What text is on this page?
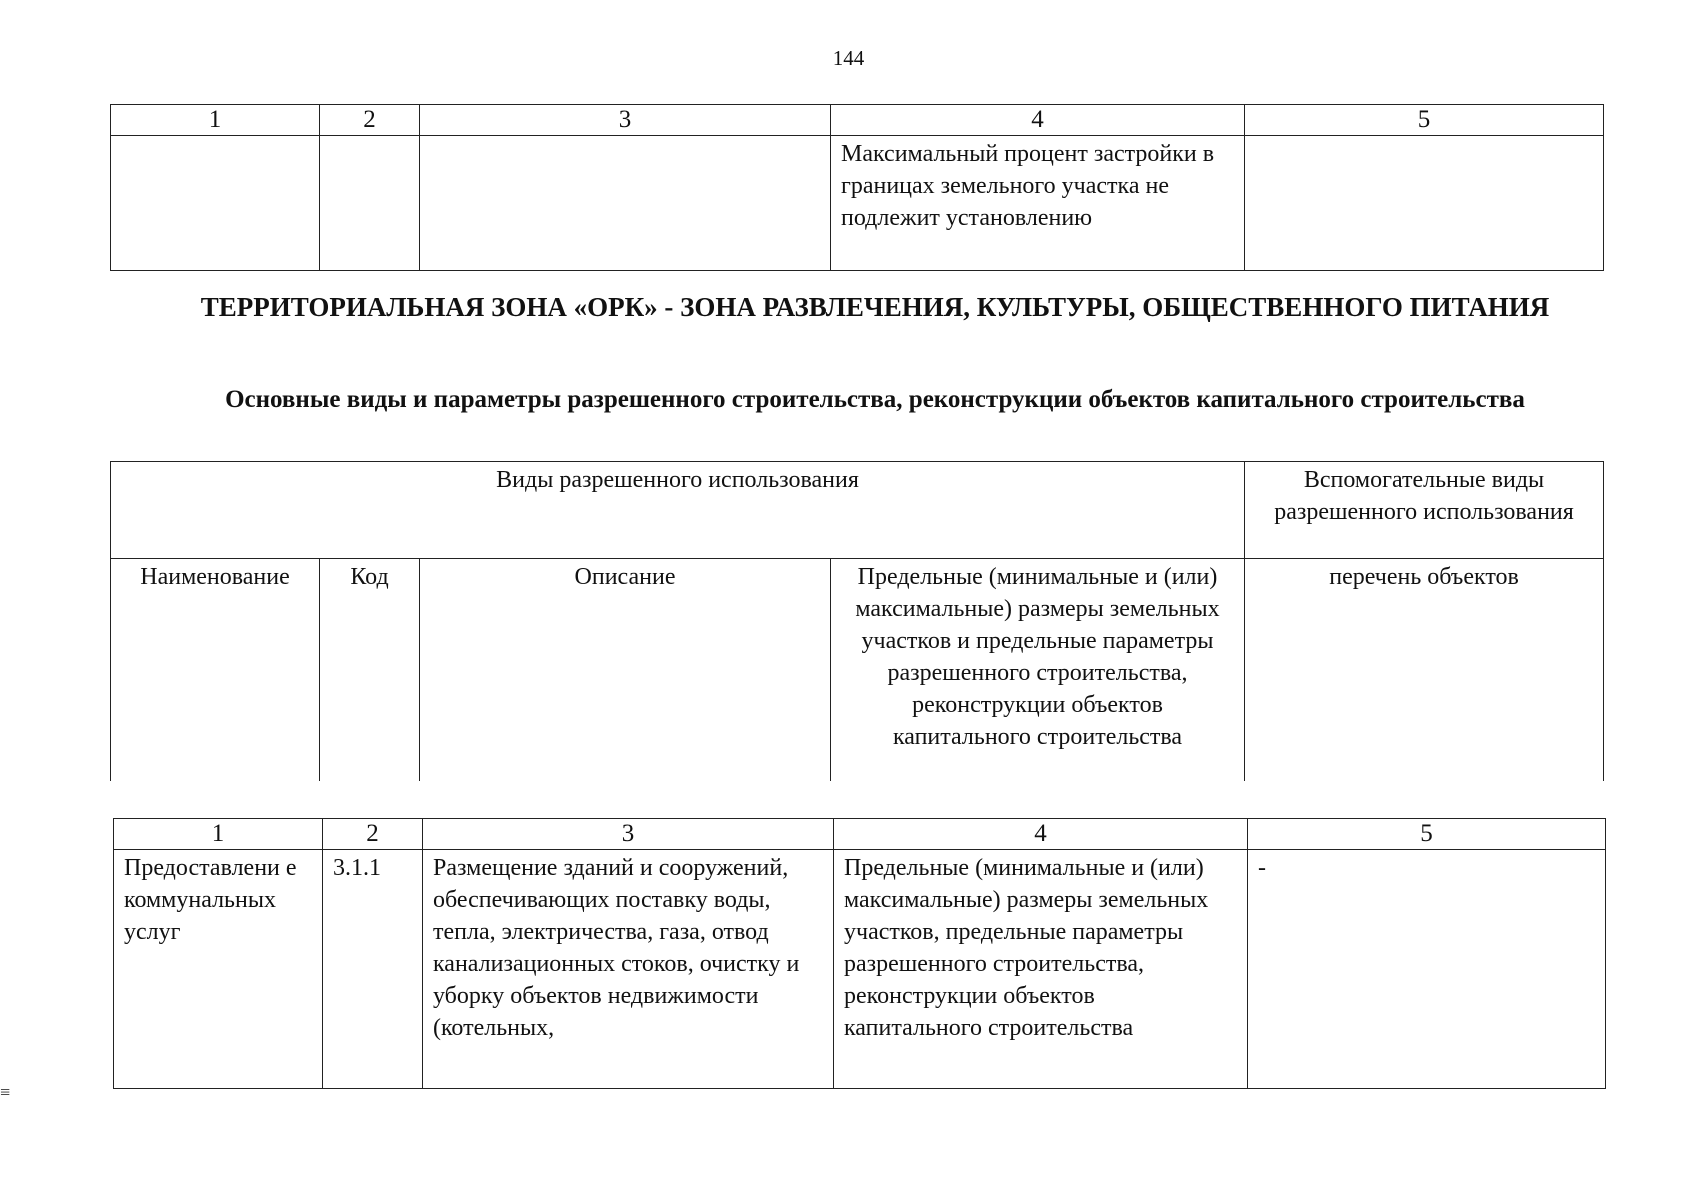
144
1	2	3	4	5
			Максимальный процент застройки в границах земельного участка не подлежит установлению	
ТЕРРИТОРИАЛЬНАЯ ЗОНА «ОРК» - ЗОНА РАЗВЛЕЧЕНИЯ, КУЛЬТУРЫ, ОБЩЕСТВЕННОГО ПИТАНИЯ
Основные виды и параметры разрешенного строительства, реконструкции объектов капитального строительства
Виды разрешенного использования				Вспомогательные виды разрешенного использования
Наименование	Код	Описание	Предельные (минимальные и (или) максимальные) размеры земельных участков и предельные параметры разрешенного строительства, реконструкции объектов капитального строительства	перечень объектов
1	2	3	4	5
Предоставлени е коммунальных услуг	3.1.1	Размещение зданий и сооружений, обеспечивающих поставку воды, тепла, электричества, газа, отвод канализационных стоков, очистку и уборку объектов недвижимости (котельных,	Предельные (минимальные и (или) максимальные) размеры земельных участков, предельные параметры разрешенного строительства, реконструкции объектов капитального строительства	-
≡
